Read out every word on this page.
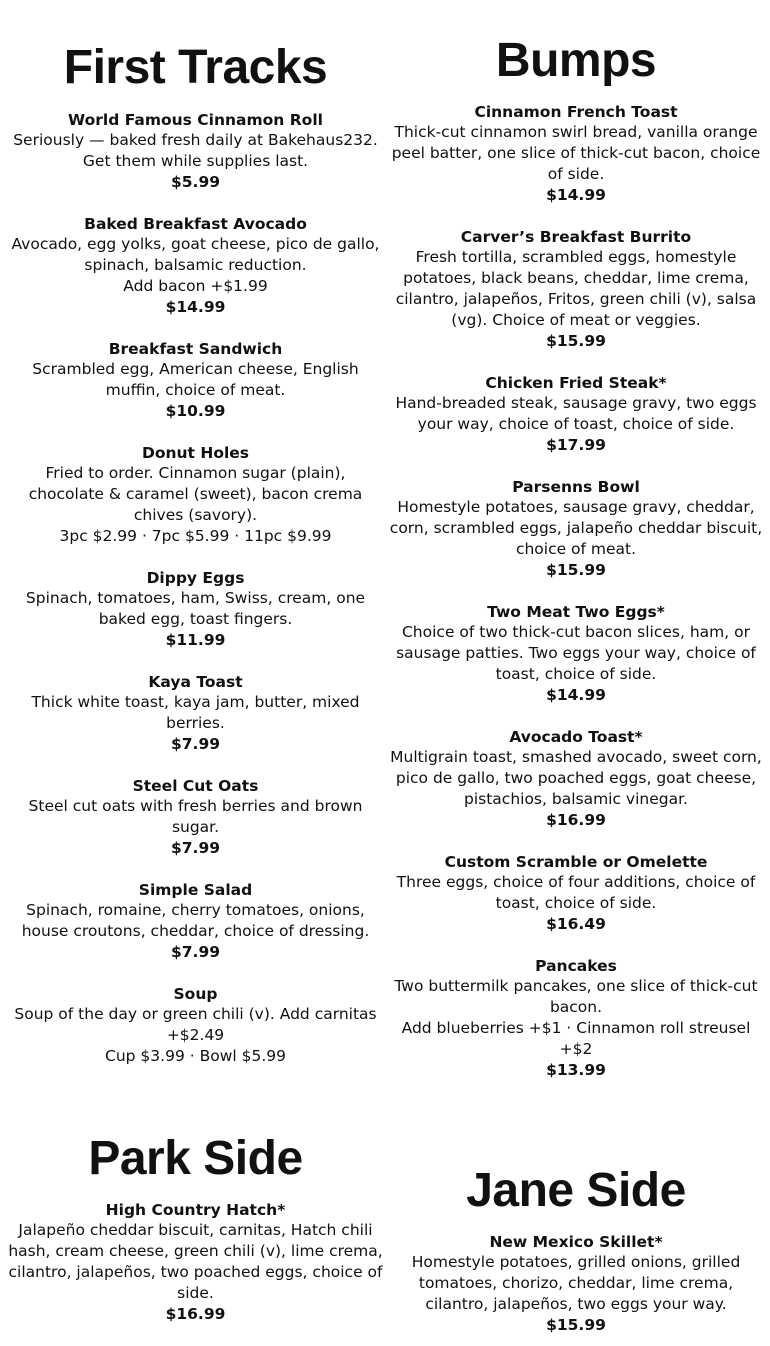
First Tracks
World Famous Cinnamon Roll
Seriously — baked fresh daily at Bakehaus232. Get them while supplies last.
$5.99
Baked Breakfast Avocado
Avocado, egg yolks, goat cheese, pico de gallo, spinach, balsamic reduction.
Add bacon +$1.99
$14.99
Breakfast Sandwich
Scrambled egg, American cheese, English muffin, choice of meat.
$10.99
Donut Holes
Fried to order. Cinnamon sugar (plain), chocolate & caramel (sweet), bacon crema chives (savory).
3pc $2.99 · 7pc $5.99 · 11pc $9.99
Dippy Eggs
Spinach, tomatoes, ham, Swiss, cream, one baked egg, toast fingers.
$11.99
Kaya Toast
Thick white toast, kaya jam, butter, mixed berries.
$7.99
Steel Cut Oats
Steel cut oats with fresh berries and brown sugar.
$7.99
Simple Salad
Spinach, romaine, cherry tomatoes, onions, house croutons, cheddar, choice of dressing.
$7.99
Soup
Soup of the day or green chili (v). Add carnitas +$2.49
Cup $3.99 · Bowl $5.99
Bumps
Cinnamon French Toast
Thick-cut cinnamon swirl bread, vanilla orange peel batter, one slice of thick-cut bacon, choice of side.
$14.99
Carver’s Breakfast Burrito
Fresh tortilla, scrambled eggs, homestyle potatoes, black beans, cheddar, lime crema, cilantro, jalapeños, Fritos, green chili (v), salsa (vg). Choice of meat or veggies.
$15.99
Chicken Fried Steak*
Hand-breaded steak, sausage gravy, two eggs your way, choice of toast, choice of side.
$17.99
Parsenns Bowl
Homestyle potatoes, sausage gravy, cheddar, corn, scrambled eggs, jalapeño cheddar biscuit, choice of meat.
$15.99
Two Meat Two Eggs*
Choice of two thick-cut bacon slices, ham, or sausage patties. Two eggs your way, choice of toast, choice of side.
$14.99
Avocado Toast*
Multigrain toast, smashed avocado, sweet corn, pico de gallo, two poached eggs, goat cheese, pistachios, balsamic vinegar.
$16.99
Custom Scramble or Omelette
Three eggs, choice of four additions, choice of toast, choice of side.
$16.49
Pancakes
Two buttermilk pancakes, one slice of thick-cut bacon.
Add blueberries +$1 · Cinnamon roll streusel +$2
$13.99
Park Side
High Country Hatch*
Jalapeño cheddar biscuit, carnitas, Hatch chili hash, cream cheese, green chili (v), lime crema, cilantro, jalapeños, two poached eggs, choice of side.
$16.99
Jane Side
New Mexico Skillet*
Homestyle potatoes, grilled onions, grilled tomatoes, chorizo, cheddar, lime crema, cilantro, jalapeños, two eggs your way.
$15.99
